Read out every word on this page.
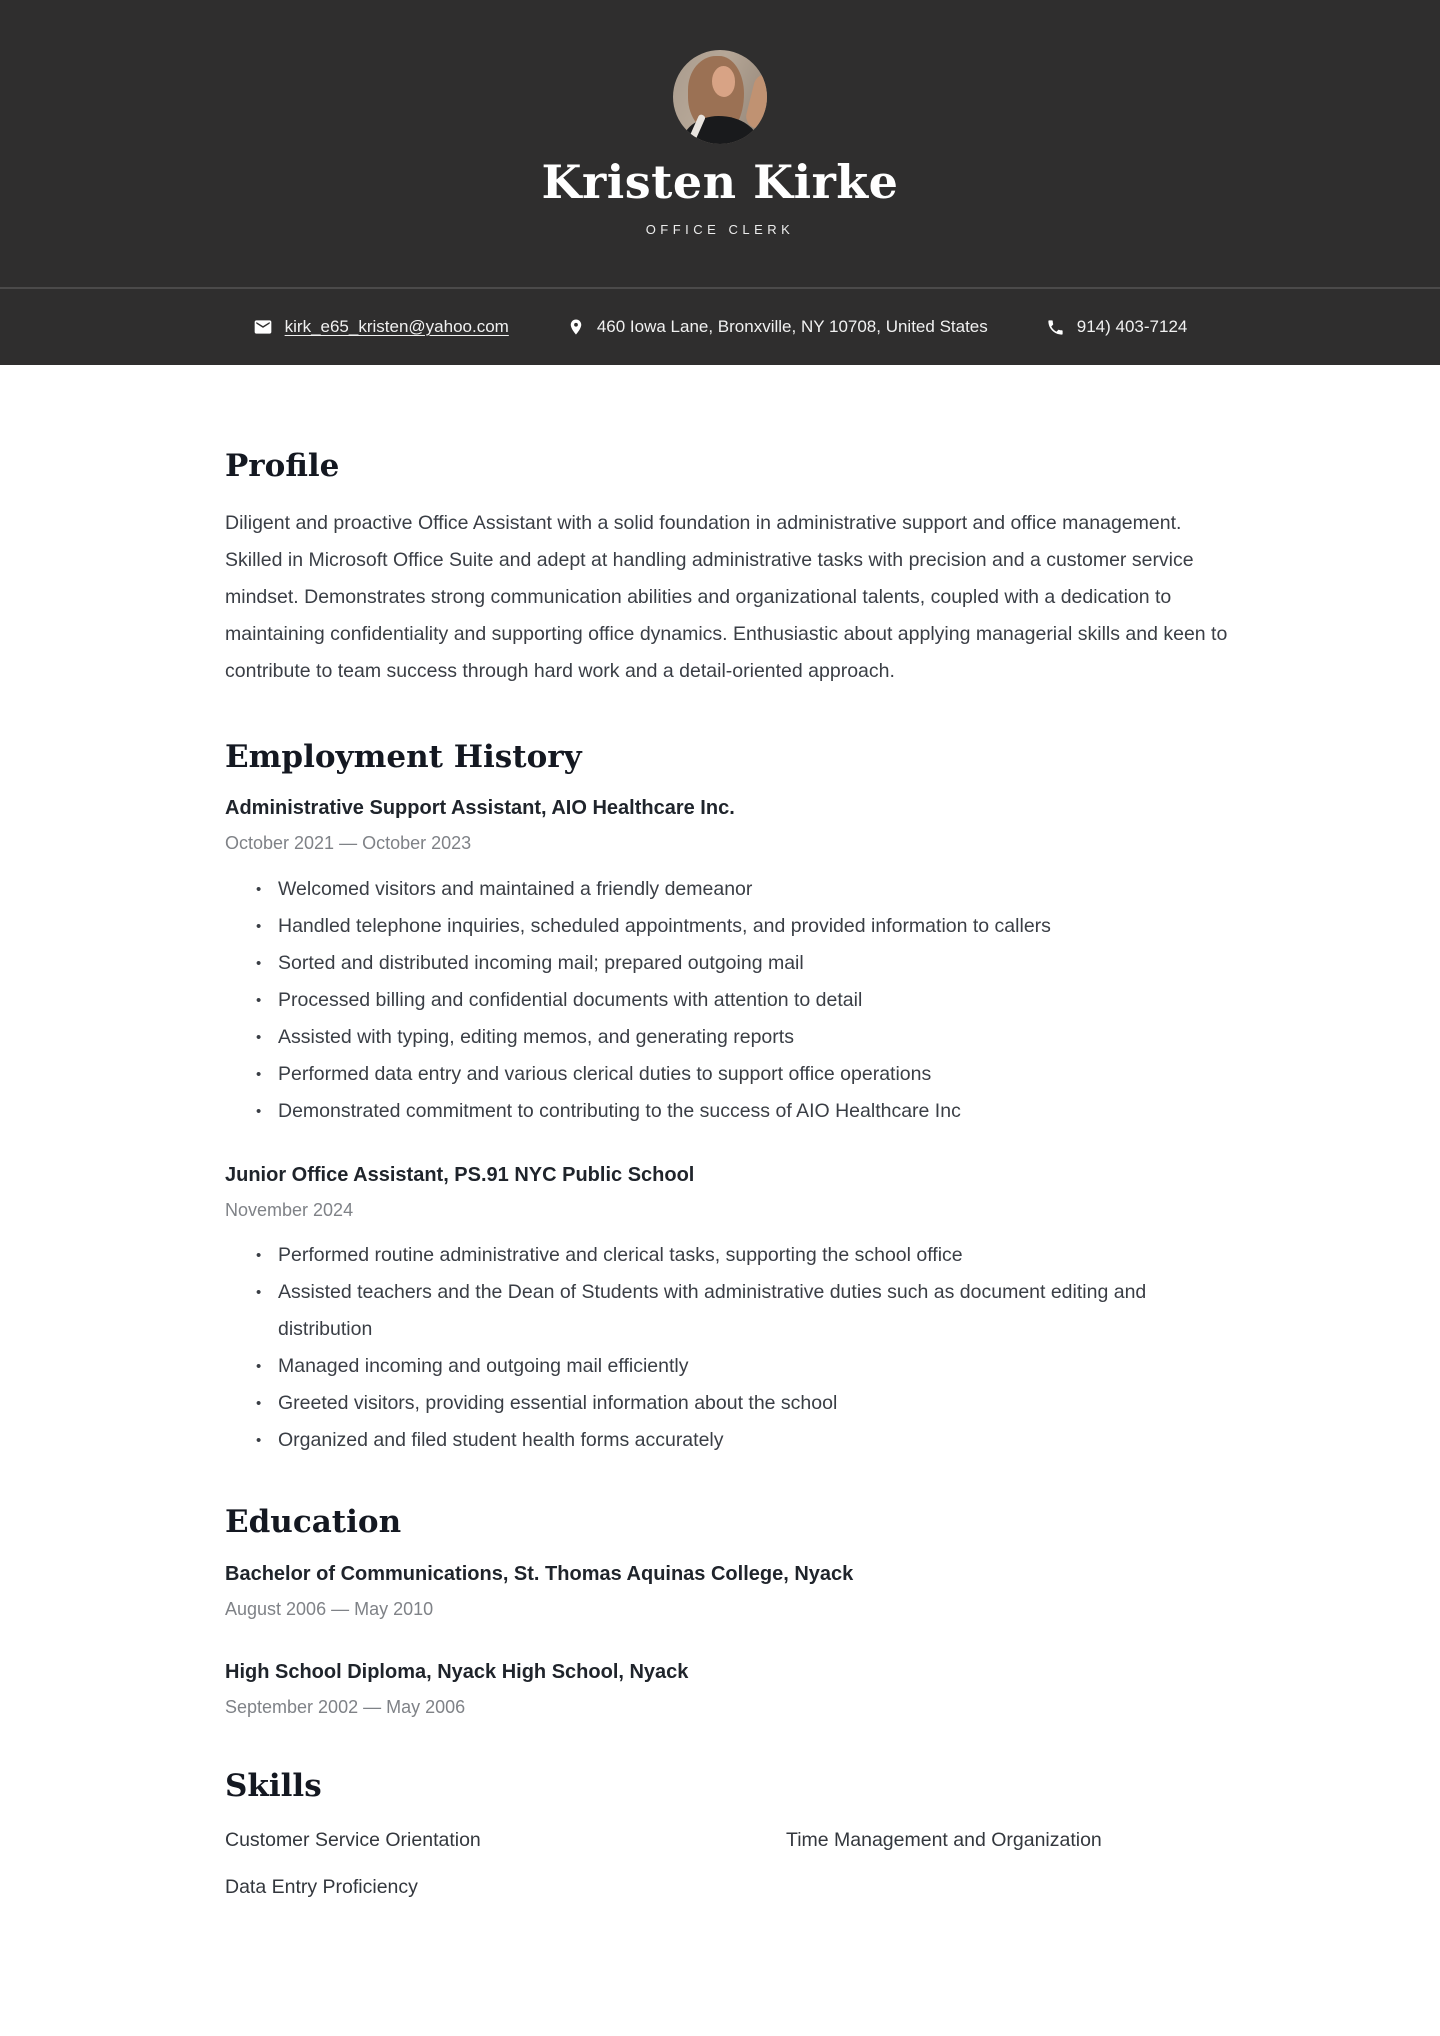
Kristen Kirke
OFFICE CLERK
kirk_e65_kristen@yahoo.com	460 Iowa Lane, Bronxville, NY 10708, United States	914) 403-7124
Profile

Diligent and proactive Office Assistant with a solid foundation in administrative support and office management. Skilled in Microsoft Office Suite and adept at handling administrative tasks with precision and a customer service mindset. Demonstrates strong communication abilities and organizational talents, coupled with a dedication to maintaining confidentiality and supporting office dynamics. Enthusiastic about applying managerial skills and keen to contribute to team success through hard work and a detail-oriented approach.

Employment History
Administrative Support Assistant, AIO Healthcare Inc.
October 2021 — October 2023
• Welcomed visitors and maintained a friendly demeanor
• Handled telephone inquiries, scheduled appointments, and provided information to callers
• Sorted and distributed incoming mail; prepared outgoing mail
• Processed billing and confidential documents with attention to detail
• Assisted with typing, editing memos, and generating reports
• Performed data entry and various clerical duties to support office operations
• Demonstrated commitment to contributing to the success of AIO Healthcare Inc
Junior Office Assistant, PS.91 NYC Public School
November 2024
• Performed routine administrative and clerical tasks, supporting the school office
• Assisted teachers and the Dean of Students with administrative duties such as document editing and distribution
• Managed incoming and outgoing mail efficiently
• Greeted visitors, providing essential information about the school
• Organized and filed student health forms accurately
Education
Bachelor of Communications, St. Thomas Aquinas College, Nyack
August 2006 — May 2010
High School Diploma, Nyack High School, Nyack
September 2002 — May 2006
Skills
Customer Service Orientation	Time Management and Organization
Data Entry Proficiency
